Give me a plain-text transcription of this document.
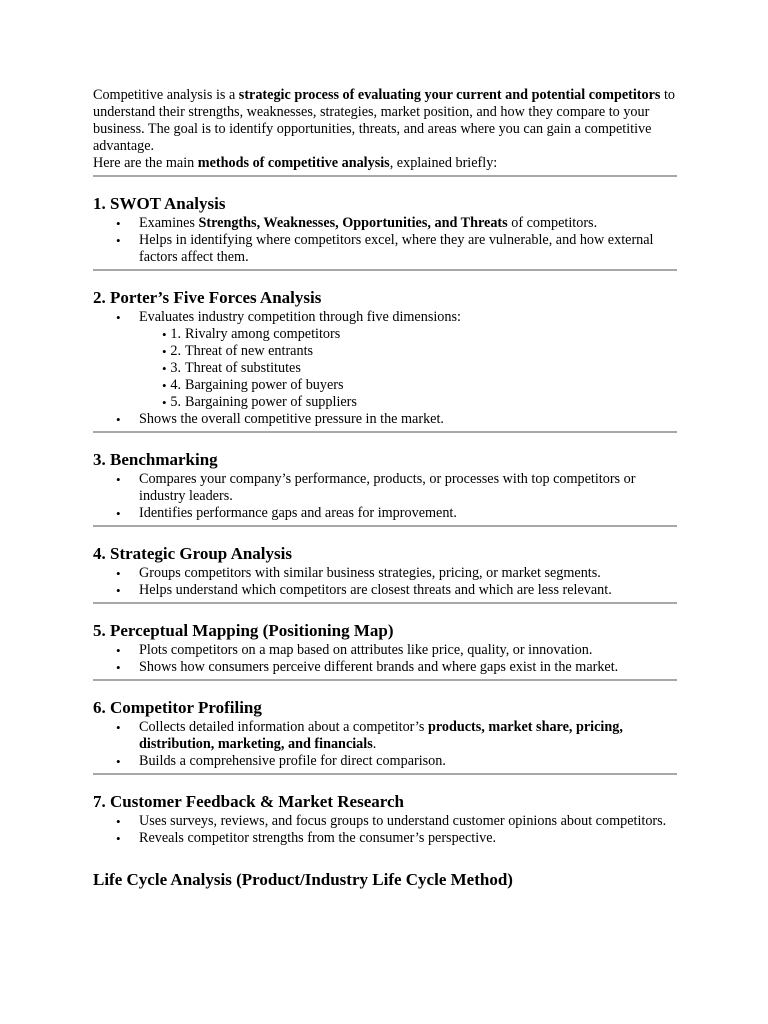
Competitive analysis is a strategic process of evaluating your current and potential competitors to understand their strengths, weaknesses, strategies, market position, and how they compare to your business. The goal is to identify opportunities, threats, and areas where you can gain a competitive advantage.

Here are the main methods of competitive analysis, explained briefly:

1. SWOT Analysis
• Examines Strengths, Weaknesses, Opportunities, and Threats of competitors.
• Helps in identifying where competitors excel, where they are vulnerable, and how external factors affect them.
2. Porter’s Five Forces Analysis
• Evaluates industry competition through five dimensions:
• 1. Rivalry among competitors
• 2. Threat of new entrants
• 3. Threat of substitutes
• 4. Bargaining power of buyers
• 5. Bargaining power of suppliers
• Shows the overall competitive pressure in the market.
3. Benchmarking
• Compares your company’s performance, products, or processes with top competitors or industry leaders.
• Identifies performance gaps and areas for improvement.
4. Strategic Group Analysis
• Groups competitors with similar business strategies, pricing, or market segments.
• Helps understand which competitors are closest threats and which are less relevant.
5. Perceptual Mapping (Positioning Map)
• Plots competitors on a map based on attributes like price, quality, or innovation.
• Shows how consumers perceive different brands and where gaps exist in the market.
6. Competitor Profiling
• Collects detailed information about a competitor’s products, market share, pricing, distribution, marketing, and financials.
• Builds a comprehensive profile for direct comparison.
7. Customer Feedback & Market Research
• Uses surveys, reviews, and focus groups to understand customer opinions about competitors.
• Reveals competitor strengths from the consumer’s perspective.
Life Cycle Analysis (Product/Industry Life Cycle Method)
